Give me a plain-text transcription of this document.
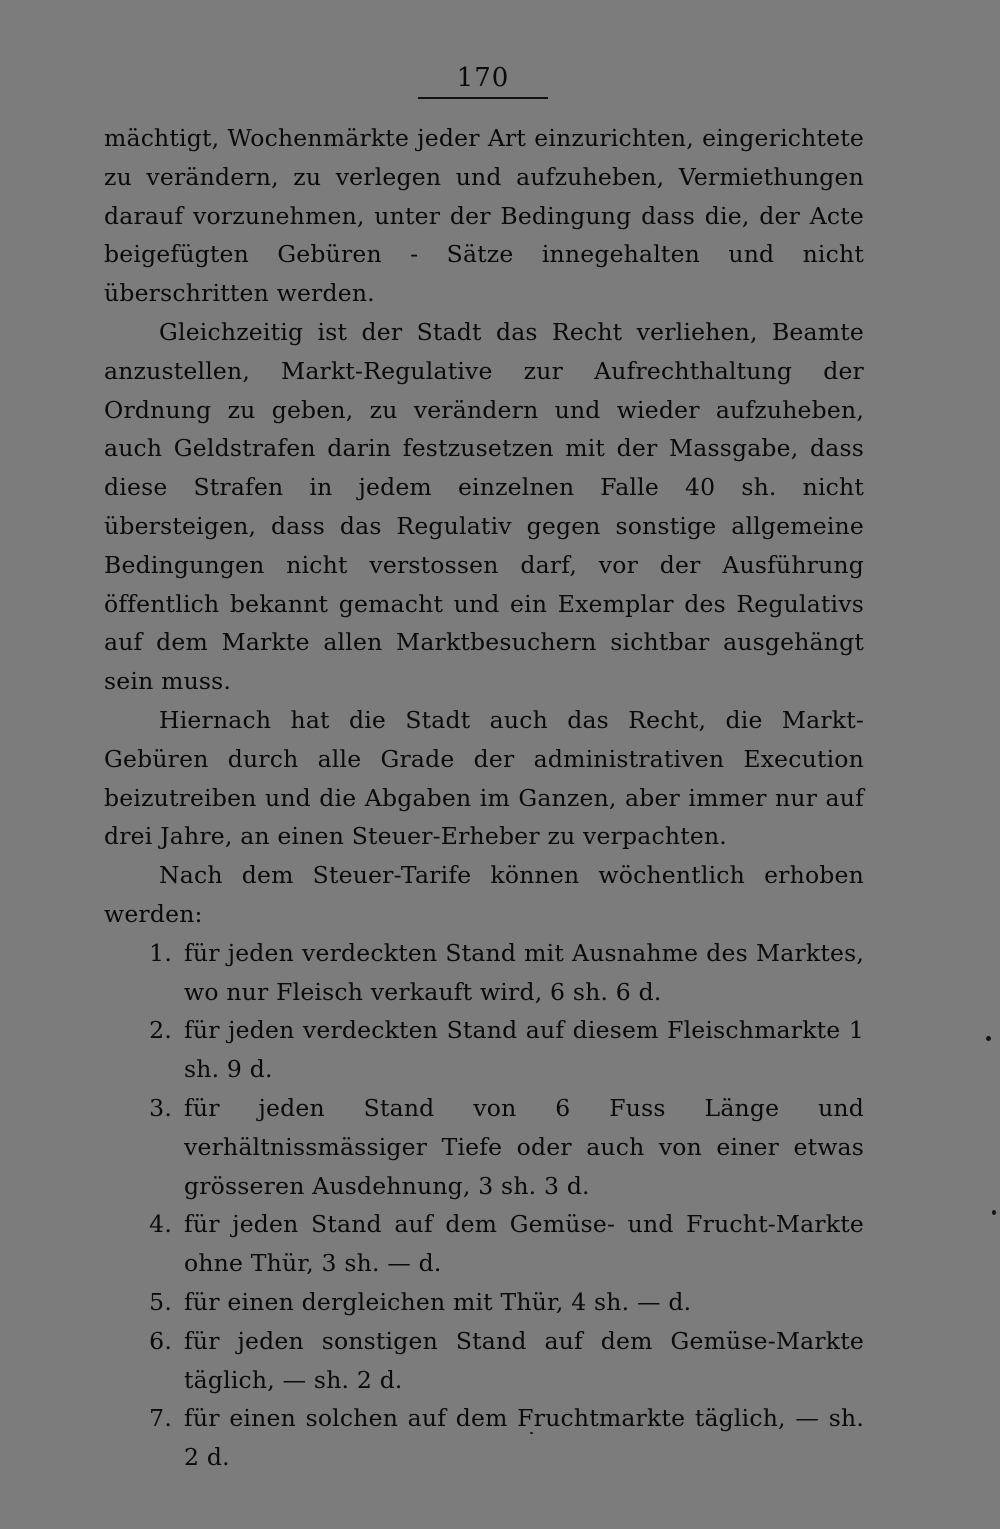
170

mächtigt, Wochenmärkte jeder Art einzurichten, eingerichtete zu verändern, zu verlegen und aufzuheben, Vermiethungen darauf vorzunehmen, unter der Bedingung dass die, der Acte beigefügten Gebüren - Sätze innegehalten und nicht überschritten werden.

Gleichzeitig ist der Stadt das Recht verliehen, Beamte anzustellen, Markt-Regulative zur Aufrechthaltung der Ordnung zu geben, zu verändern und wieder aufzuheben, auch Geldstrafen darin festzusetzen mit der Massgabe, dass diese Strafen in jedem einzelnen Falle 40 sh. nicht übersteigen, dass das Regulativ gegen sonstige allgemeine Bedingungen nicht verstossen darf, vor der Ausführung öffentlich bekannt gemacht und ein Exemplar des Regulativs auf dem Markte allen Marktbesuchern sichtbar ausgehängt sein muss.

Hiernach hat die Stadt auch das Recht, die Markt-Gebüren durch alle Grade der administrativen Execution beizutreiben und die Abgaben im Ganzen, aber immer nur auf drei Jahre, an einen Steuer-Erheber zu verpachten.

Nach dem Steuer-Tarife können wöchentlich erhoben werden:

1. für jeden verdeckten Stand mit Ausnahme des Marktes, wo nur Fleisch verkauft wird, 6 sh. 6 d.
2. für jeden verdeckten Stand auf diesem Fleischmarkte 1 sh. 9 d.
3. für jeden Stand von 6 Fuss Länge und verhältnissmässiger Tiefe oder auch von einer etwas grösseren Ausdehnung, 3 sh. 3 d.
4. für jeden Stand auf dem Gemüse- und Frucht-Markte ohne Thür, 3 sh. — d.
5. für einen dergleichen mit Thür, 4 sh. — d.
6. für jeden sonstigen Stand auf dem Gemüse-Markte täglich, — sh. 2 d.
7. für einen solchen auf dem Fruchtmarkte täglich, — sh. 2 d.
